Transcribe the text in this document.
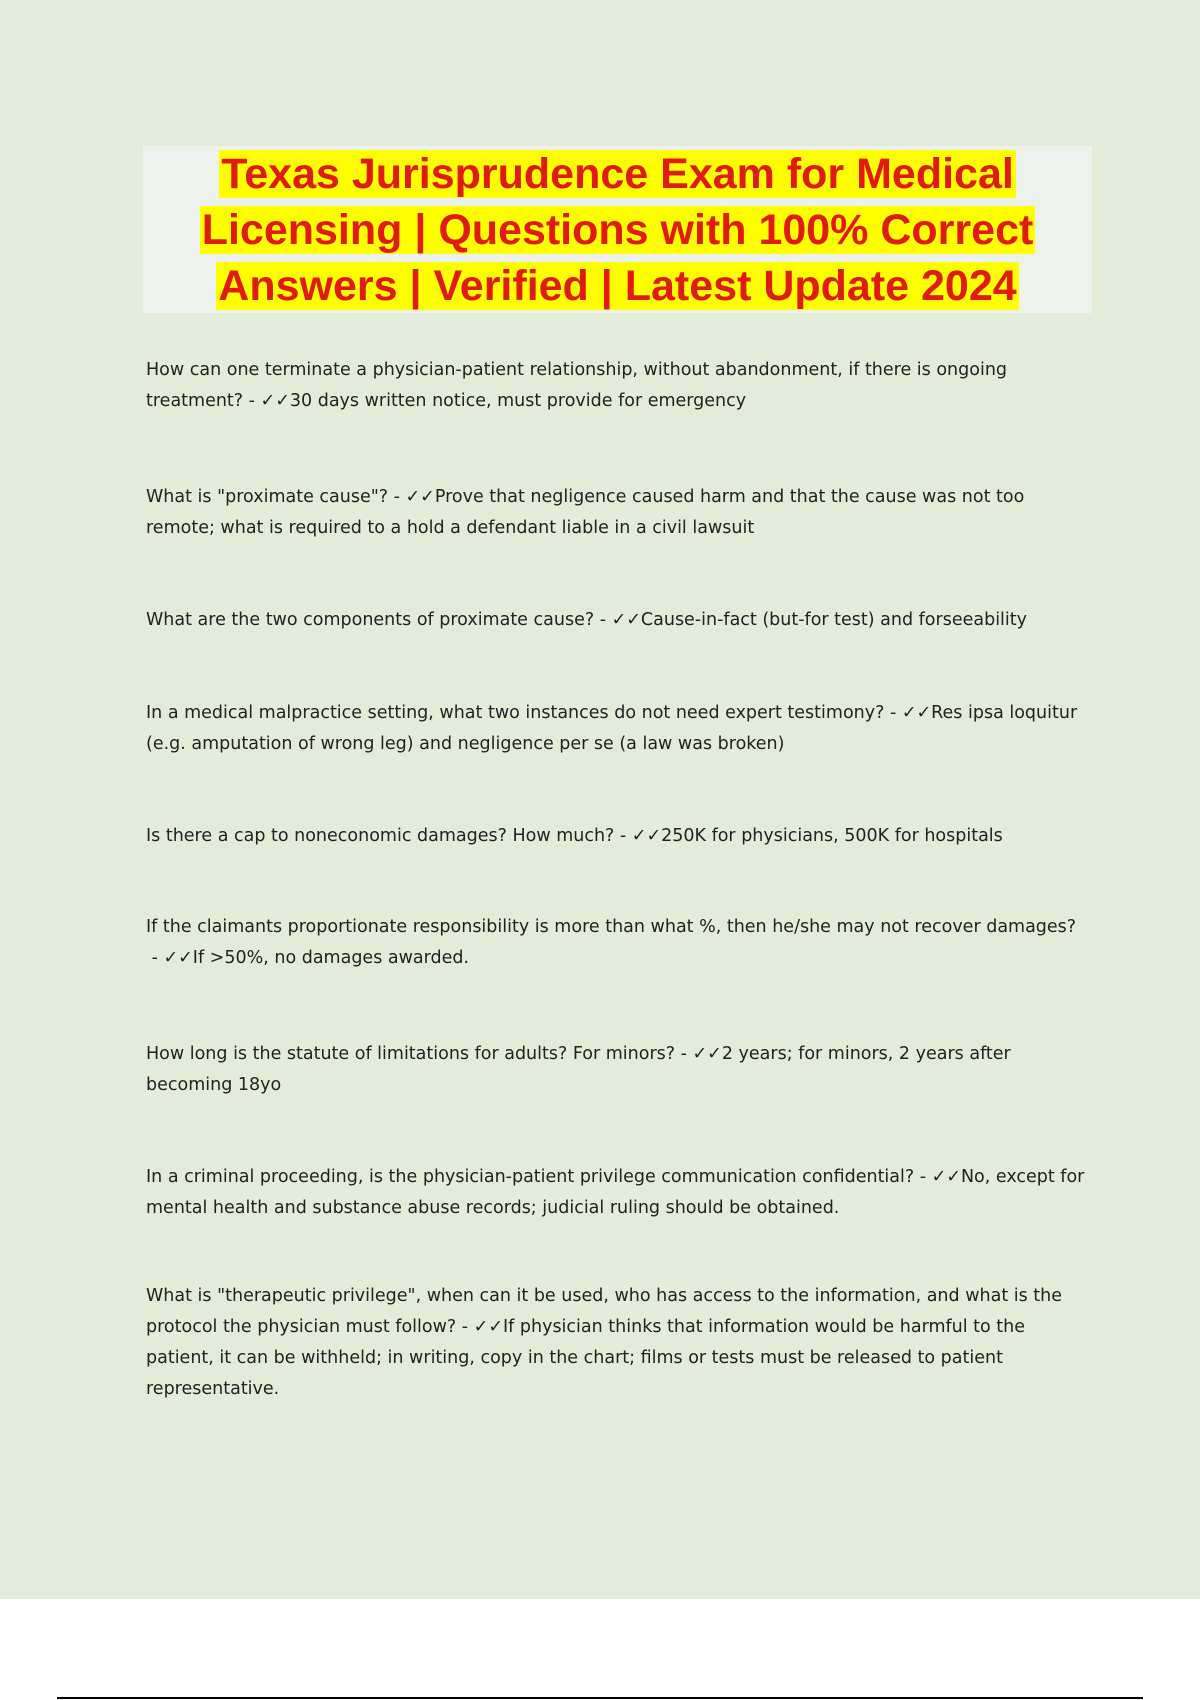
Texas Jurisprudence Exam for Medical Licensing | Questions with 100% Correct Answers | Verified | Latest Update 2024

How can one terminate a physician-patient relationship, without abandonment, if there is ongoing treatment? - ✓✓30 days written notice, must provide for emergency

What is "proximate cause"? - ✓✓Prove that negligence caused harm and that the cause was not too remote; what is required to a hold a defendant liable in a civil lawsuit

What are the two components of proximate cause? - ✓✓Cause-in-fact (but-for test) and forseeability

In a medical malpractice setting, what two instances do not need expert testimony? - ✓✓Res ipsa loquitur (e.g. amputation of wrong leg) and negligence per se (a law was broken)

Is there a cap to noneconomic damages? How much? - ✓✓250K for physicians, 500K for hospitals

If the claimants proportionate responsibility is more than what %, then he/she may not recover damages? - ✓✓If >50%, no damages awarded.

How long is the statute of limitations for adults? For minors? - ✓✓2 years; for minors, 2 years after becoming 18yo

In a criminal proceeding, is the physician-patient privilege communication confidential? - ✓✓No, except for mental health and substance abuse records; judicial ruling should be obtained.

What is "therapeutic privilege", when can it be used, who has access to the information, and what is the protocol the physician must follow? - ✓✓If physician thinks that information would be harmful to the patient, it can be withheld; in writing, copy in the chart; films or tests must be released to patient representative.
